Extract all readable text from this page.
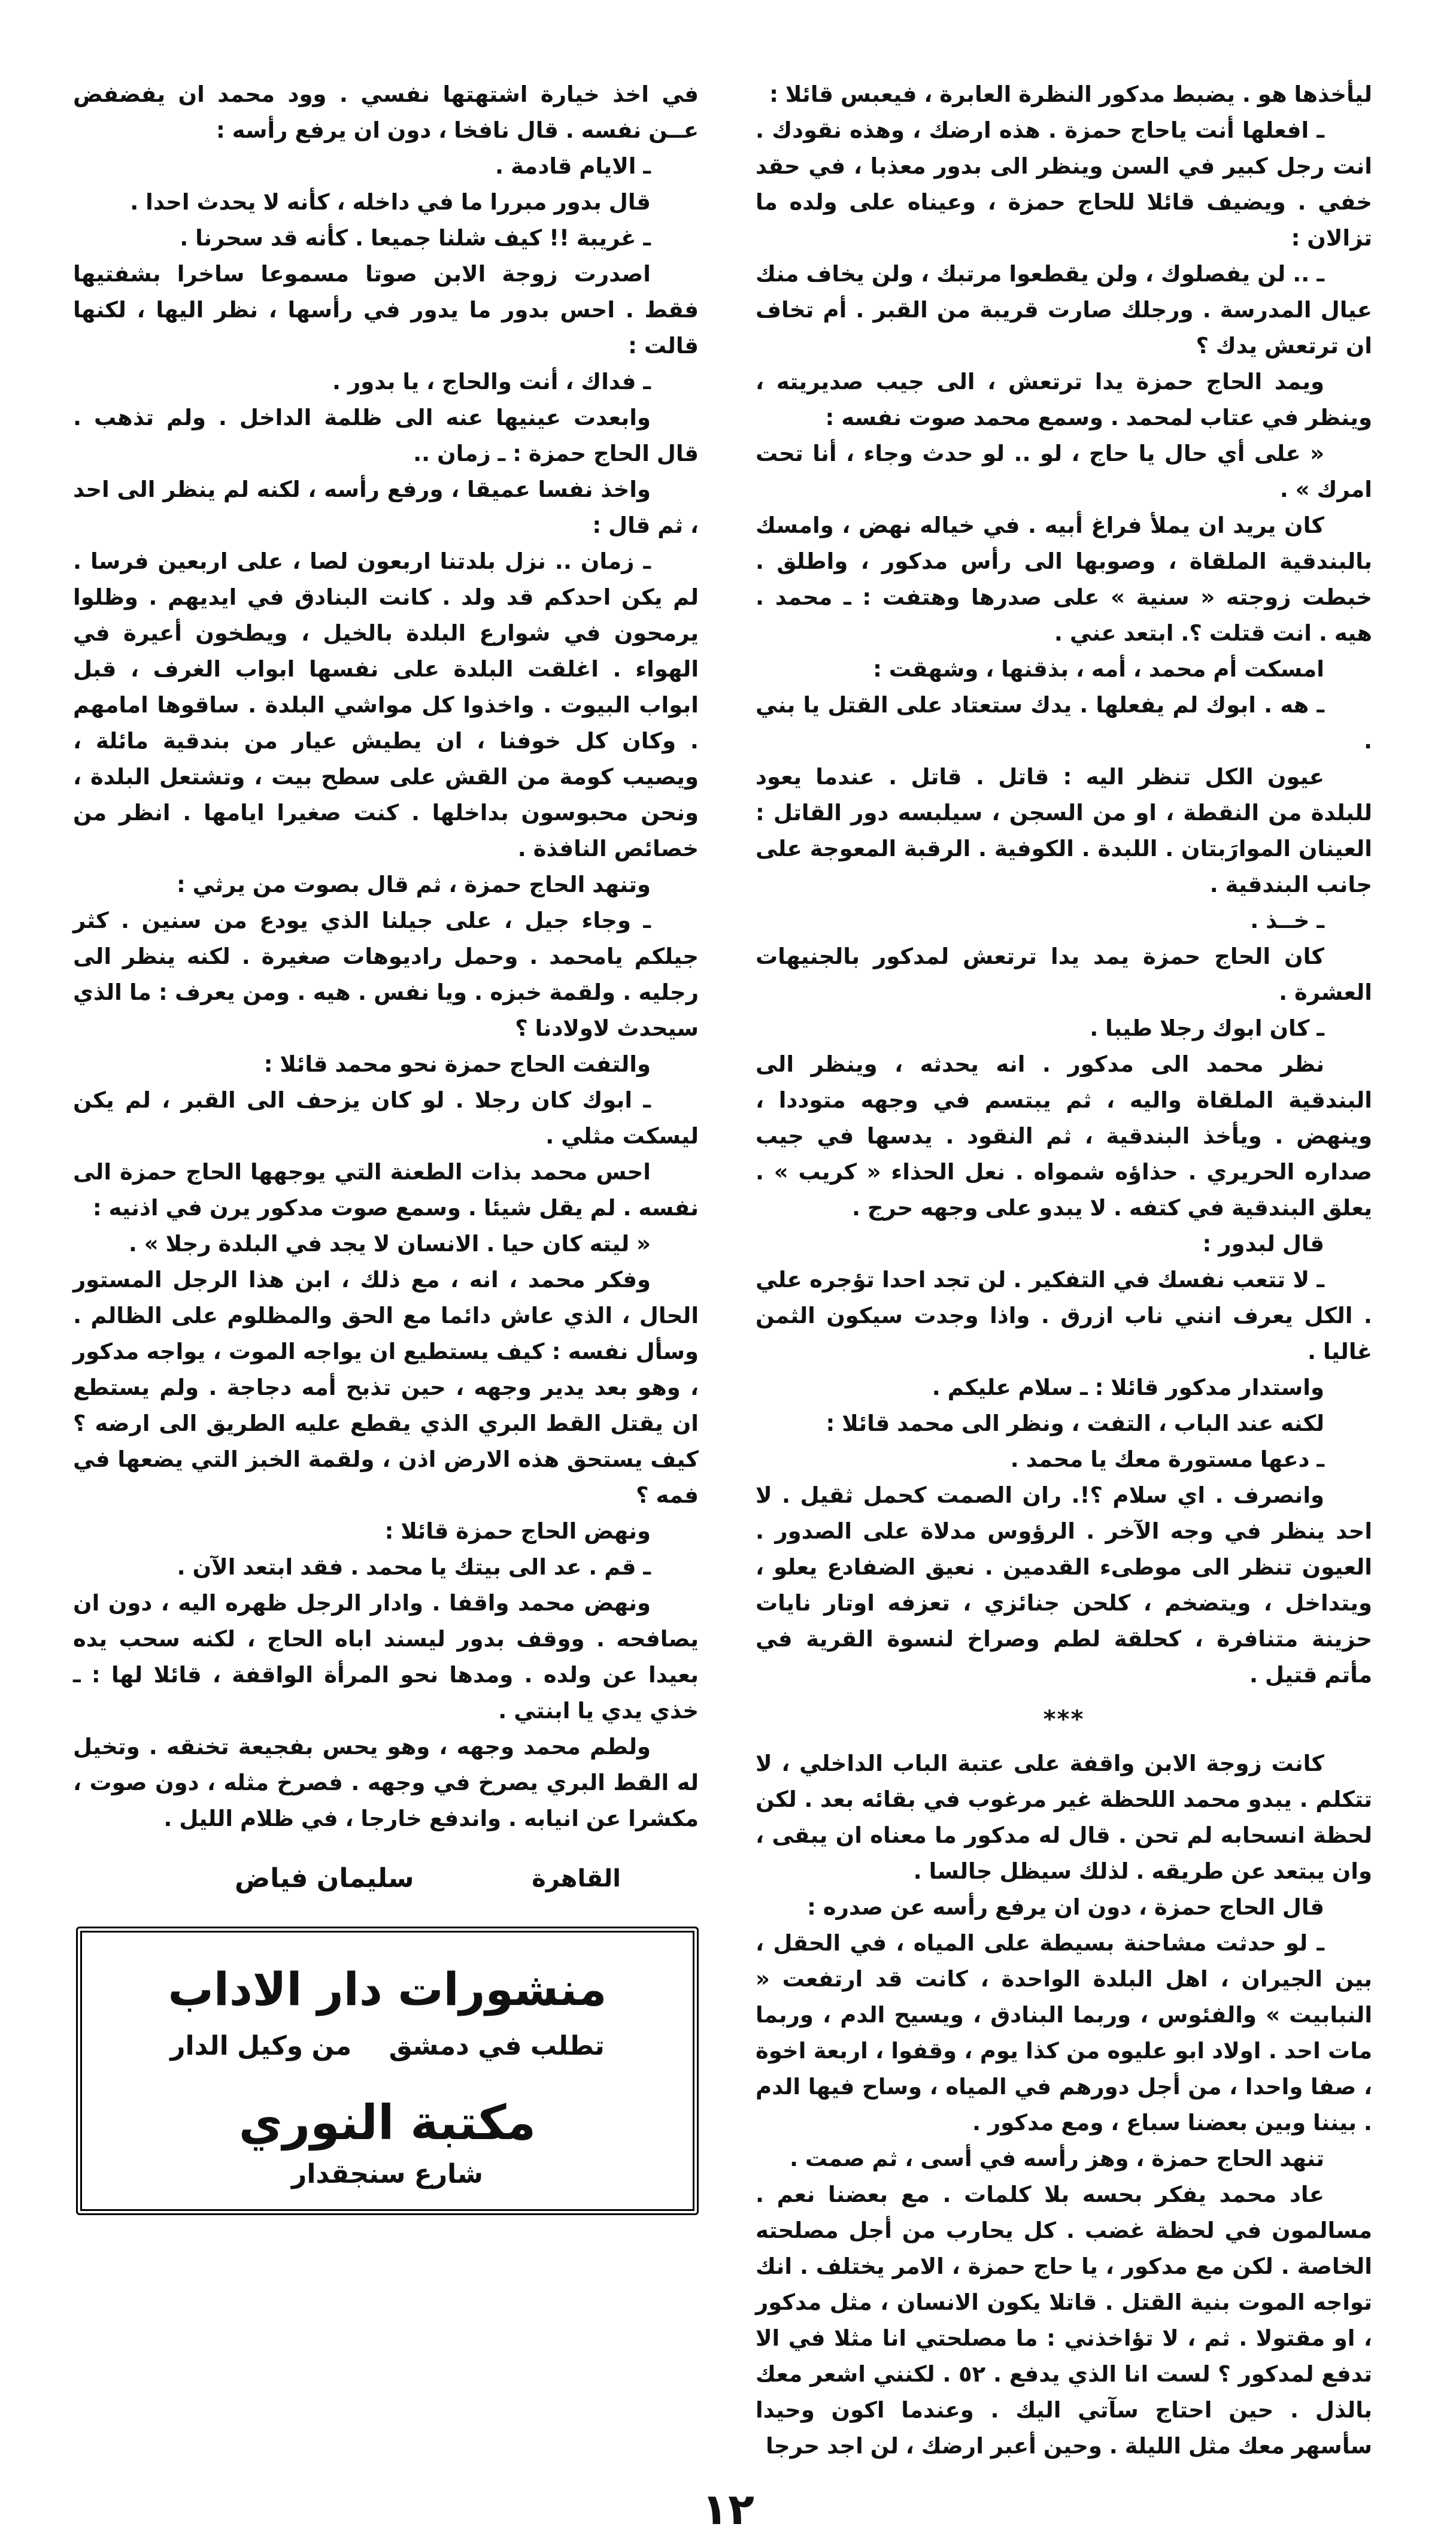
في اخذ خيارة اشتهتها نفسي . وود محمد ان يفضفض عــن نفسه . قال نافخا ، دون ان يرفع رأسه :

ـ الايام قادمة .

قال بدور مبررا ما في داخله ، كأنه لا يحدث احدا .

ـ غريبة !! كيف شلنا جميعا . كأنه قد سحرنا .

اصدرت زوجة الابن صوتا مسموعا ساخرا بشفتيها فقط . احس بدور ما يدور في رأسها ، نظر اليها ، لكنها قالت :

ـ فداك ، أنت والحاج ، يا بدور .

وابعدت عينيها عنه الى ظلمة الداخل . ولم تذهب . قال الحاج حمزة : ـ زمان ..

واخذ نفسا عميقا ، ورفع رأسه ، لكنه لم ينظر الى احد ، ثم قال :

ـ زمان .. نزل بلدتنا اربعون لصا ، على اربعين فرسا . لم يكن احدكم قد ولد . كانت البنادق في ايديهم . وظلوا يرمحون في شوارع البلدة بالخيل ، ويطخون أعيرة في الهواء . اغلقت البلدة على نفسها ابواب الغرف ، قبل ابواب البيوت . واخذوا كل مواشي البلدة . ساقوها امامهم . وكان كل خوفنا ، ان يطيش عيار من بندقية مائلة ، ويصيب كومة من القش على سطح بيت ، وتشتعل البلدة ، ونحن محبوسون بداخلها . كنت صغيرا ايامها . انظر من خصائص النافذة .

وتنهد الحاج حمزة ، ثم قال بصوت من يرثي :

ـ وجاء جيل ، على جيلنا الذي يودع من سنين . كثر جيلكم يامحمد . وحمل راديوهات صغيرة . لكنه ينظر الى رجليه . ولقمة خبزه . ويا نفس . هيه . ومن يعرف : ما الذي سيحدث لاولادنا ؟

والتفت الحاج حمزة نحو محمد قائلا :

ـ ابوك كان رجلا . لو كان يزحف الى القبر ، لم يكن ليسكت مثلي .

احس محمد بذات الطعنة التي يوجهها الحاج حمزة الى نفسه . لم يقل شيئا . وسمع صوت مدكور يرن في اذنيه :

« ليته كان حيا . الانسان لا يجد في البلدة رجلا » .

وفكر محمد ، انه ، مع ذلك ، ابن هذا الرجل المستور الحال ، الذي عاش دائما مع الحق والمظلوم على الظالم . وسأل نفسه : كيف يستطيع ان يواجه الموت ، يواجه مدكور ، وهو بعد يدير وجهه ، حين تذبح أمه دجاجة . ولم يستطع ان يقتل القط البري الذي يقطع عليه الطريق الى ارضه ؟ كيف يستحق هذه الارض اذن ، ولقمة الخبز التي يضعها في فمه ؟

ونهض الحاج حمزة قائلا :

ـ قم . عد الى بيتك يا محمد . فقد ابتعد الآن .

ونهض محمد واقفا . وادار الرجل ظهره اليه ، دون ان يصافحه . ووقف بدور ليسند اباه الحاج ، لكنه سحب يده بعيدا عن ولده . ومدها نحو المرأة الواقفة ، قائلا لها : ـ خذي يدي يا ابنتي .

ولطم محمد وجهه ، وهو يحس بفجيعة تخنقه . وتخيل له القط البري يصرخ في وجهه . فصرخ مثله ، دون صوت ، مكشرا عن انيابه . واندفع خارجا ، في ظلام الليل .

القاهرة
سليمان فياض
منشورات دار الاداب
تطلب في دمشق من وكيل الدار
مكتبة النوري
شارع سنجقدار

ليأخذها هو . يضبط مدكور النظرة العابرة ، فيعبس قائلا :

ـ افعلها أنت ياحاج حمزة . هذه ارضك ، وهذه نقودك . انت رجل كبير في السن وينظر الى بدور معذبا ، في حقد خفي . ويضيف قائلا للحاج حمزة ، وعيناه على ولده ما تزالان :

ـ .. لن يفصلوك ، ولن يقطعوا مرتبك ، ولن يخاف منك عيال المدرسة . ورجلك صارت قريبة من القبر . أم تخاف ان ترتعش يدك ؟

ويمد الحاج حمزة يدا ترتعش ، الى جيب صديريته ، وينظر في عتاب لمحمد . وسمع محمد صوت نفسه :

« على أي حال يا حاج ، لو .. لو حدث وجاء ، أنا تحت امرك » .

كان يريد ان يملأ فراغ أبيه . في خياله نهض ، وامسك بالبندقية الملقاة ، وصوبها الى رأس مدكور ، واطلق . خبطت زوجته « سنية » على صدرها وهتفت : ـ محمد . هيه . انت قتلت ؟. ابتعد عني .

امسكت أم محمد ، أمه ، بذقنها ، وشهقت :

ـ هه . ابوك لم يفعلها . يدك ستعتاد على القتل يا بني .

عيون الكل تنظر اليه : قاتل . قاتل . عندما يعود للبلدة من النقطة ، او من السجن ، سيلبسه دور القاتل : العينان الموارَبتان . اللبدة . الكوفية . الرقبة المعوجة على جانب البندقية .

ـ خــذ .

كان الحاج حمزة يمد يدا ترتعش لمدكور بالجنيهات العشرة .

ـ كان ابوك رجلا طيبا .

نظر محمد الى مدكور . انه يحدثه ، وينظر الى البندقية الملقاة واليه ، ثم يبتسم في وجهه متوددا ، وينهض . ويأخذ البندقية ، ثم النقود . يدسها في جيب صداره الحريري . حذاؤه شمواه . نعل الحذاء « كريب » . يعلق البندقية في كتفه . لا يبدو على وجهه حرج .

قال لبدور :

ـ لا تتعب نفسك في التفكير . لن تجد احدا تؤجره علي . الكل يعرف انني ناب ازرق . واذا وجدت سيكون الثمن غاليا .

واستدار مدكور قائلا : ـ سلام عليكم .

لكنه عند الباب ، التفت ، ونظر الى محمد قائلا :

ـ دعها مستورة معك يا محمد .

وانصرف . اي سلام ؟!. ران الصمت كحمل ثقيل . لا احد ينظر في وجه الآخر . الرؤوس مدلاة على الصدور . العيون تنظر الى موطىء القدمين . نعيق الضفادع يعلو ، ويتداخل ، ويتضخم ، كلحن جنائزي ، تعزفه اوتار نايات حزينة متنافرة ، كحلقة لطم وصراخ لنسوة القرية في مأتم قتيل .

***

كانت زوجة الابن واقفة على عتبة الباب الداخلي ، لا تتكلم . يبدو محمد اللحظة غير مرغوب في بقائه بعد . لكن لحظة انسحابه لم تحن . قال له مدكور ما معناه ان يبقى ، وان يبتعد عن طريقه . لذلك سيظل جالسا .

قال الحاج حمزة ، دون ان يرفع رأسه عن صدره :

ـ لو حدثت مشاحنة بسيطة على المياه ، في الحقل ، بين الجيران ، اهل البلدة الواحدة ، كانت قد ارتفعت « النبابيت » والفئوس ، وربما البنادق ، ويسيح الدم ، وربما مات احد . اولاد ابو عليوه من كذا يوم ، وقفوا ، اربعة اخوة ، صفا واحدا ، من أجل دورهم في المياه ، وساح فيها الدم . بيننا وبين بعضنا سباع ، ومع مدكور .

تنهد الحاج حمزة ، وهز رأسه في أسى ، ثم صمت .

عاد محمد يفكر بحسه بلا كلمات . مع بعضنا نعم . مسالمون في لحظة غضب . كل يحارب من أجل مصلحته الخاصة . لكن مع مدكور ، يا حاج حمزة ، الامر يختلف . انك تواجه الموت بنية القتل . قاتلا يكون الانسان ، مثل مدكور ، او مقتولا . ثم ، لا تؤاخذني : ما مصلحتي انا مثلا في الا تدفع لمدكور ؟ لست انا الذي يدفع . ٥٢ . لكنني اشعر معك بالذل . حين احتاج سآتي اليك . وعندما اكون وحيدا سأسهر معك مثل الليلة . وحين أعبر ارضك ، لن اجد حرجا

١٢
